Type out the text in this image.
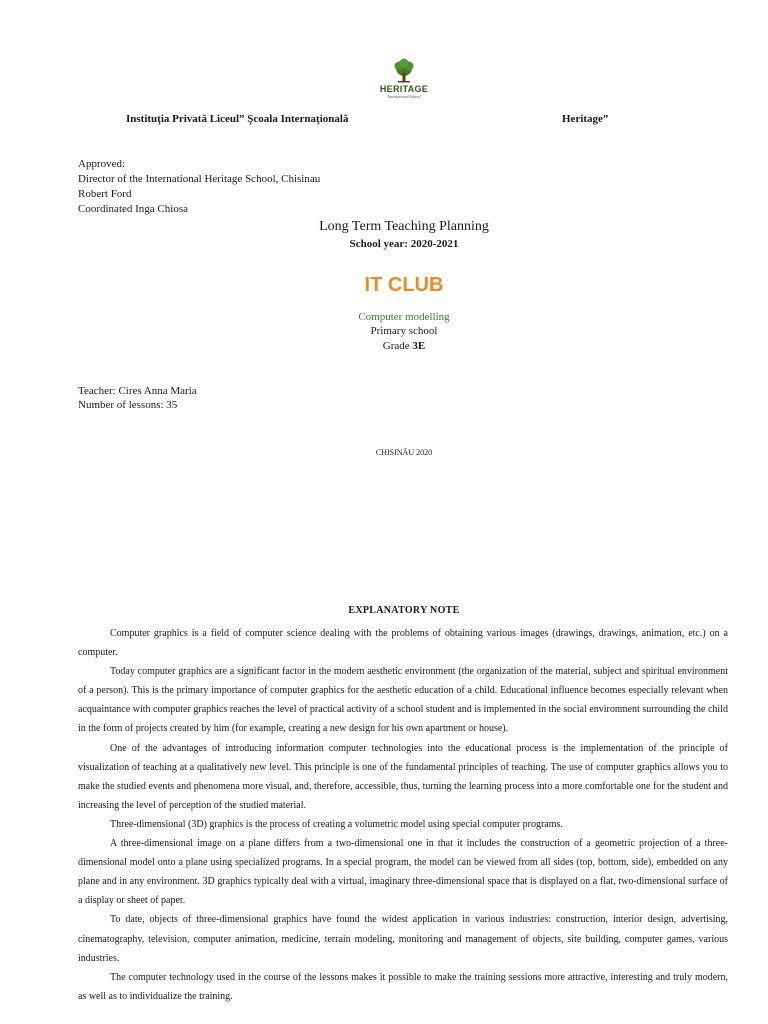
HERITAGE
International School
Instituţia Privată Liceul” Şcoala Internaţională	Heritage”
Approved:
Director of the International Heritage School, Chisinau
Robert Ford
Coordinated Inga Chiosa
Long Term Teaching Planning
School year: 2020-2021
IT CLUB
Computer modelling
Primary school
Grade 3E
Teacher: Cires Anna Maria
Number of lessons: 35
CHISINĂU 2020
EXPLANATORY NOTE

Computer graphics is a field of computer science dealing with the problems of obtaining various images (drawings, drawings, animation, etc.) on a computer.

Today computer graphics are a significant factor in the modern aesthetic environment (the organization of the material, subject and spiritual environment of a person). This is the primary importance of computer graphics for the aesthetic education of a child. Educational influence becomes especially relevant when acquaintance with computer graphics reaches the level of practical activity of a school student and is implemented in the social environment surrounding the child in the form of projects created by him (for example, creating a new design for his own apartment or house).

One of the advantages of introducing information computer technologies into the educational process is the implementation of the principle of visualization of teaching at a qualitatively new level. This principle is one of the fundamental principles of teaching. The use of computer graphics allows you to make the studied events and phenomena more visual, and, therefore, accessible, thus, turning the learning process into a more comfortable one for the student and increasing the level of perception of the studied material.

Three-dimensional (3D) graphics is the process of creating a volumetric model using special computer programs.

A three-dimensional image on a plane differs from a two-dimensional one in that it includes the construction of a geometric projection of a three-dimensional model onto a plane using specialized programs. In a special program, the model can be viewed from all sides (top, bottom, side), embedded on any plane and in any environment. 3D graphics typically deal with a virtual, imaginary three-dimensional space that is displayed on a flat, two-dimensional surface of a display or sheet of paper.

To date, objects of three-dimensional graphics have found the widest application in various industries: construction, interior design, advertising, cinematography, television, computer animation, medicine, terrain modeling, monitoring and management of objects, site building, computer games, various industries.

The computer technology used in the course of the lessons makes it possible to make the training sessions more attractive, interesting and truly modern, as well as to individualize the training.
